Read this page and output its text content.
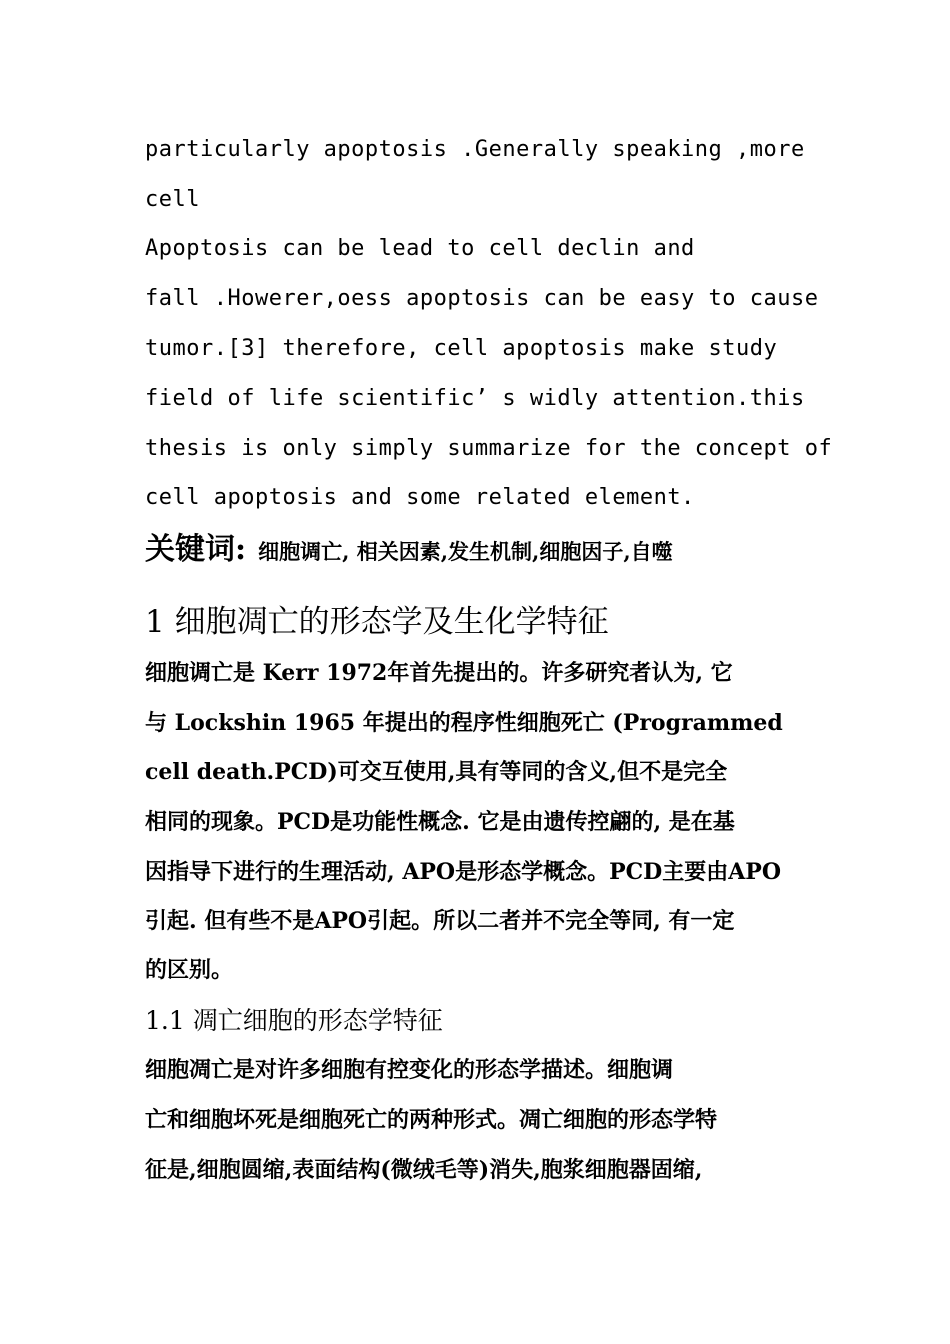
particularly apoptosis .Generally speaking ,more
cell
Apoptosis can be lead to cell declin and
fall .Howerer,oess apoptosis can be easy to cause
tumor.[3] therefore, cell apoptosis make study
field of life scientific’ s widly attention.this
thesis is only simply summarize for the concept of
cell apoptosis and some related element.
关键词: 细胞调亡, 相关因素,发生机制,细胞因子,自噬
1 细胞凋亡的形态学及生化学特征
细胞调亡是 Kerr 1972年首先提出的。许多研究者认为, 它
与 Lockshin 1965 年提出的程序性细胞死亡 (Programmed
cell death.PCD)可交互使用,具有等同的含义,但不是完全
相同的现象。PCD是功能性概念. 它是由遗传控翩的, 是在基
因指导下进行的生理活动, APO是形态学概念。PCD主要由APO
引起. 但有些不是APO引起。所以二者并不完全等同, 有一定
的区别。
1.1 凋亡细胞的形态学特征
细胞凋亡是对许多细胞有控变化的形态学描述。细胞调
亡和细胞坏死是细胞死亡的两种形式。凋亡细胞的形态学特
征是,细胞圆缩,表面结构(微绒毛等)消失,胞浆细胞器固缩,
